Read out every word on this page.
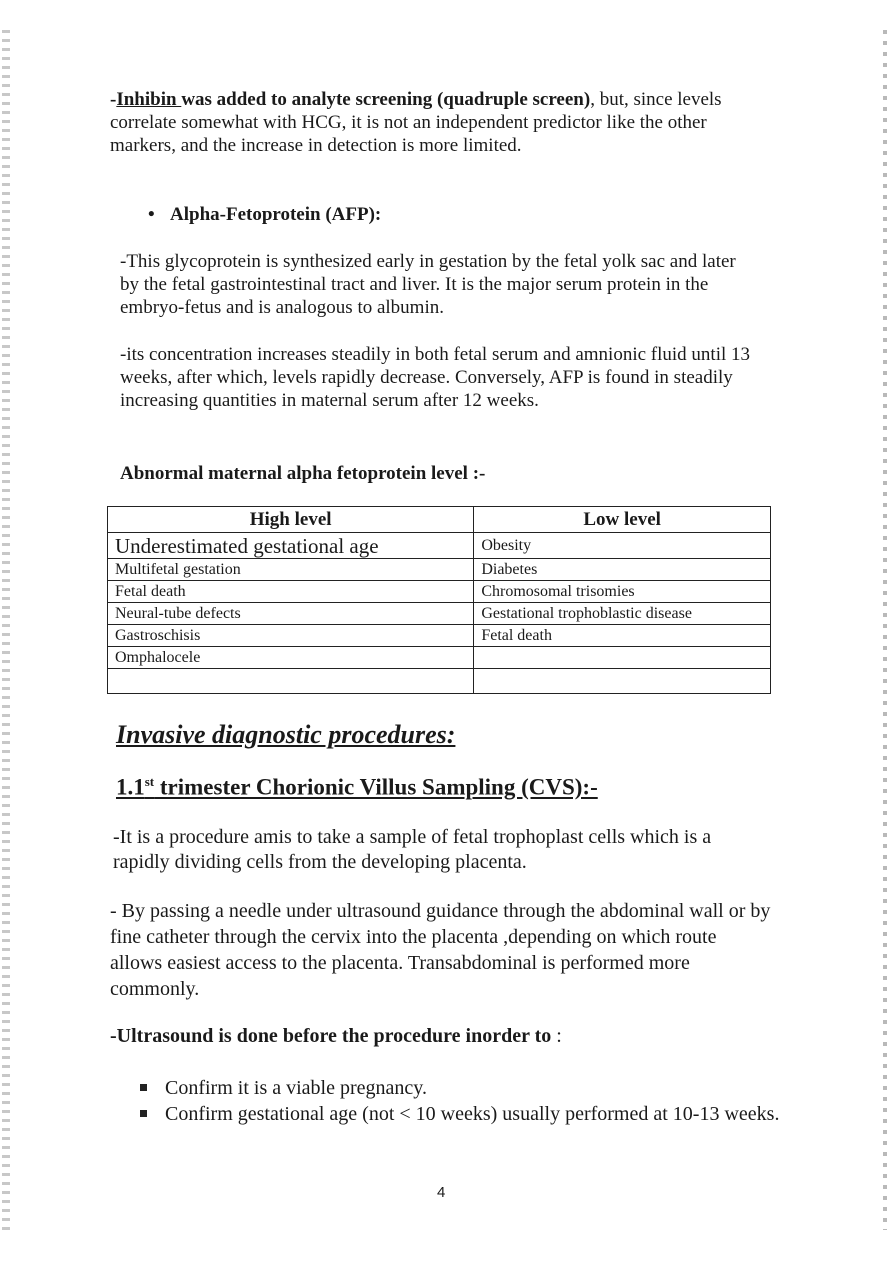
-Inhibin was added to analyte screening (quadruple screen), but, since levels correlate somewhat with HCG, it is not an independent predictor like the other markers, and the increase in detection is more limited.
• Alpha-Fetoprotein (AFP):
-This glycoprotein is synthesized early in gestation by the fetal yolk sac and later by the fetal gastrointestinal tract and liver. It is the major serum protein in the embryo-fetus and is analogous to albumin.
-its concentration increases steadily in both fetal serum and amnionic fluid until 13 weeks, after which, levels rapidly decrease. Conversely, AFP is found in steadily increasing quantities in maternal serum after 12 weeks.
Abnormal maternal alpha fetoprotein level :-
High level	Low level
Underestimated gestational age	Obesity
Multifetal gestation	Diabetes
Fetal death	Chromosomal trisomies
Neural-tube defects	Gestational trophoblastic disease
Gastroschisis	Fetal death
Omphalocele	

Invasive diagnostic procedures:
1.1st trimester Chorionic Villus Sampling (CVS):-
-It is a procedure amis to take a sample of fetal trophoplast cells which is a rapidly dividing cells from the developing placenta.
- By passing a needle under ultrasound guidance through the abdominal wall or by fine catheter through the cervix into the placenta ,depending on which route allows easiest access to the placenta. Transabdominal is performed more commonly.
-Ultrasound is done before the procedure inorder to :
Confirm it is a viable pregnancy.
Confirm gestational age (not < 10 weeks) usually performed at 10-13 weeks.
4
